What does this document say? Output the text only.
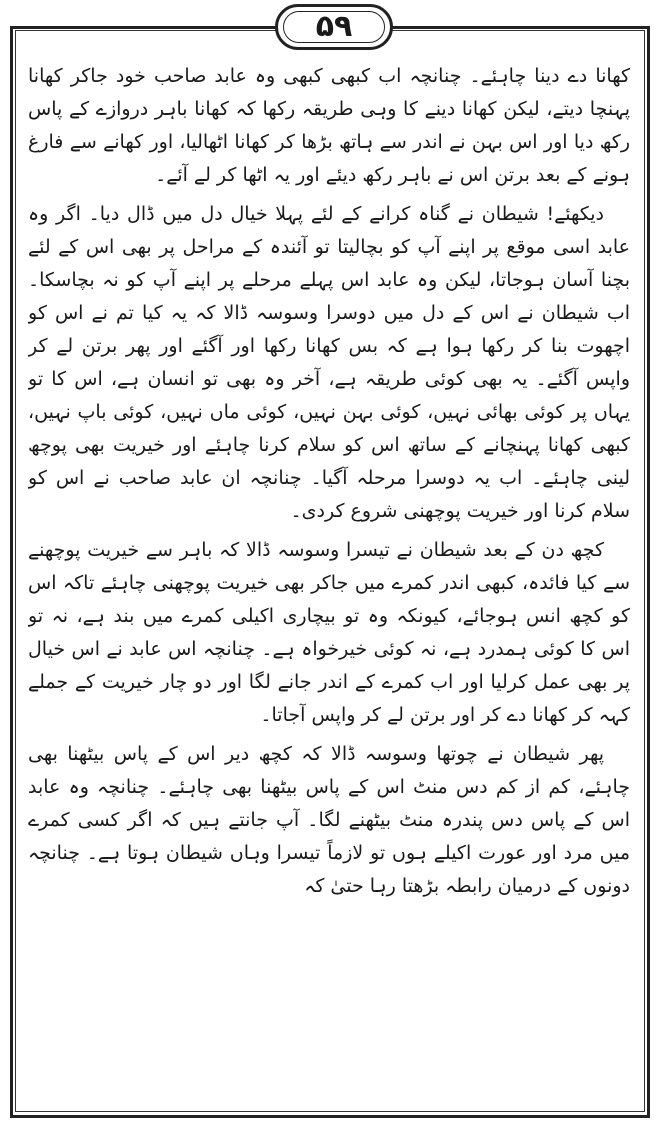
۵۹

کھانا دے دینا چاہئے۔ چنانچہ اب کبھی کبھی وہ عابد صاحب خود جاکر کھانا پہنچا دیتے، لیکن کھانا دینے کا وہی طریقہ رکھا کہ کھانا باہر دروازے کے پاس رکھ دیا اور اس بہن نے اندر سے ہاتھ بڑھا کر کھانا اٹھالیا، اور کھانے سے فارغ ہونے کے بعد برتن اس نے باہر رکھ دیئے اور یہ اٹھا کر لے آئے۔

دیکھئے! شیطان نے گناہ کرانے کے لئے پہلا خیال دل میں ڈال دیا۔ اگر وہ عابد اسی موقع پر اپنے آپ کو بچالیتا تو آئندہ کے مراحل پر بھی اس کے لئے بچنا آسان ہوجاتا، لیکن وہ عابد اس پہلے مرحلے پر اپنے آپ کو نہ بچاسکا۔ اب شیطان نے اس کے دل میں دوسرا وسوسہ ڈالا کہ یہ کیا تم نے اس کو اچھوت بنا کر رکھا ہوا ہے کہ بس کھانا رکھا اور آگئے اور پھر برتن لے کر واپس آگئے۔ یہ بھی کوئی طریقہ ہے، آخر وہ بھی تو انسان ہے، اس کا تو یہاں پر کوئی بھائی نہیں، کوئی بہن نہیں، کوئی ماں نہیں، کوئی باپ نہیں، کبھی کھانا پہنچانے کے ساتھ اس کو سلام کرنا چاہئے اور خیریت بھی پوچھ لینی چاہئے۔ اب یہ دوسرا مرحلہ آگیا۔ چنانچہ ان عابد صاحب نے اس کو سلام کرنا اور خیریت پوچھنی شروع کردی۔

کچھ دن کے بعد شیطان نے تیسرا وسوسہ ڈالا کہ باہر سے خیریت پوچھنے سے کیا فائدہ، کبھی اندر کمرے میں جاکر بھی خیریت پوچھنی چاہئے تاکہ اس کو کچھ انس ہوجائے، کیونکہ وہ تو بیچاری اکیلی کمرے میں بند ہے، نہ تو اس کا کوئی ہمدرد ہے، نہ کوئی خیرخواہ ہے۔ چنانچہ اس عابد نے اس خیال پر بھی عمل کرلیا اور اب کمرے کے اندر جانے لگا اور دو چار خیریت کے جملے کہہ کر کھانا دے کر اور برتن لے کر واپس آجاتا۔

پھر شیطان نے چوتھا وسوسہ ڈالا کہ کچھ دیر اس کے پاس بیٹھنا بھی چاہئے، کم از کم دس منٹ اس کے پاس بیٹھنا بھی چاہئے۔ چنانچہ وہ عابد اس کے پاس دس پندرہ منٹ بیٹھنے لگا۔ آپ جانتے ہیں کہ اگر کسی کمرے میں مرد اور عورت اکیلے ہوں تو لازماً تیسرا وہاں شیطان ہوتا ہے۔ چنانچہ دونوں کے درمیان رابطہ بڑھتا رہا حتیٰ کہ
